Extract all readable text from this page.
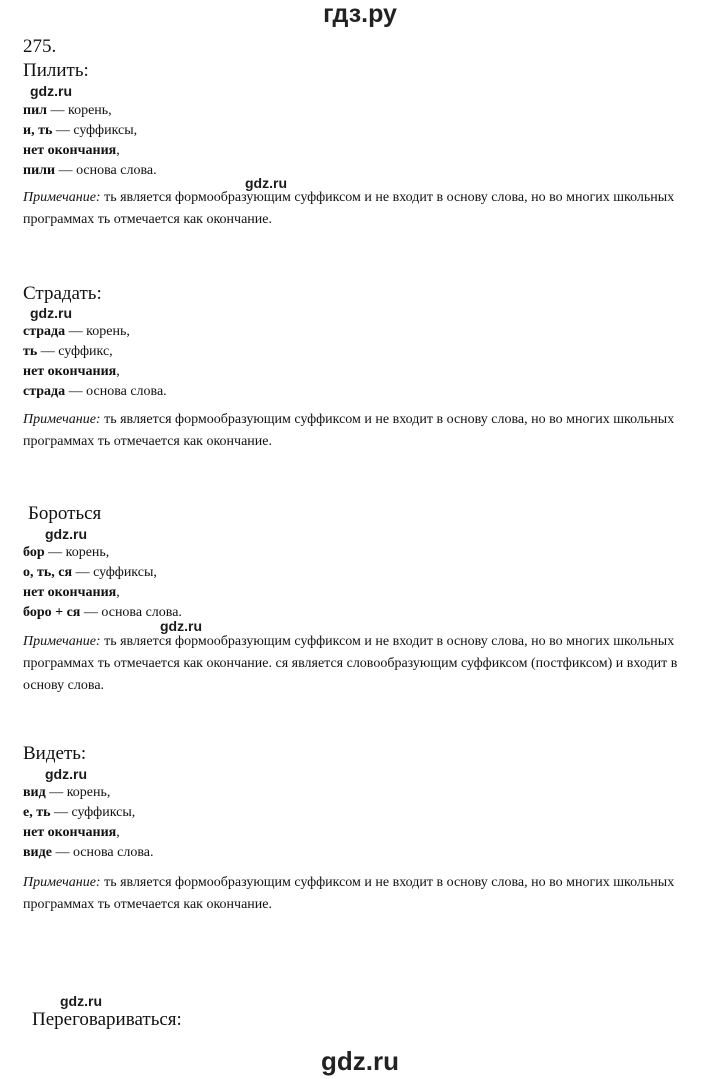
гдз.ру
275.
Пилить:
gdz.ru
пил — корень,
и, ть — суффиксы,
нет окончания,
пили — основа слова.
gdz.ru
Примечание: ть является формообразующим суффиксом и не входит в основу слова, но во многих школьных программах ть отмечается как окончание.
Страдать:
gdz.ru
страда — корень,
ть — суффикс,
нет окончания,
страда — основа слова.
Примечание: ть является формообразующим суффиксом и не входит в основу слова, но во многих школьных программах ть отмечается как окончание.
Бороться
gdz.ru
бор — корень,
о, ть, ся — суффиксы,
нет окончания,
боро + ся — основа слова.
gdz.ru
Примечание: ть является формообразующим суффиксом и не входит в основу слова, но во многих школьных программах ть отмечается как окончание. ся является словообразующим суффиксом (постфиксом) и входит в основу слова.
Видеть:
gdz.ru
вид — корень,
е, ть — суффиксы,
нет окончания,
виде — основа слова.
Примечание: ть является формообразующим суффиксом и не входит в основу слова, но во многих школьных программах ть отмечается как окончание.
gdz.ru
Переговариваться:
gdz.ru
